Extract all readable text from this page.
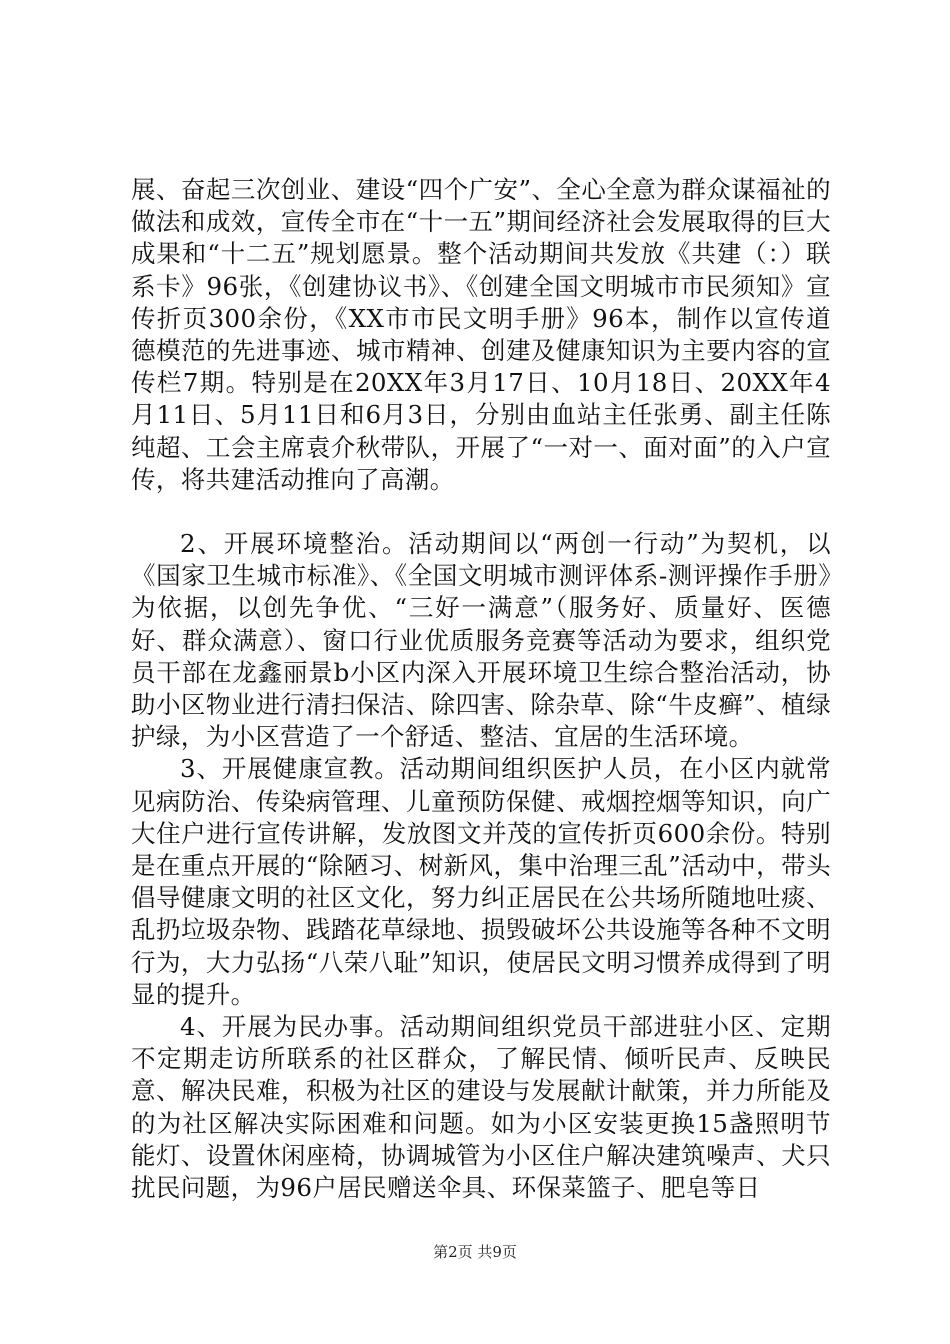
展、奋起三次创业、建设“四个广安”、全心全意为群众谋福祉的做法和成效，宣传全市在“十一五”期间经济社会发展取得的巨大成果和“十二五”规划愿景。整个活动期间共发放《共建（：）联系卡》96张，《创建协议书》、《创建全国文明城市市民须知》宣传折页300余份，《XX市市民文明手册》96本，制作以宣传道德模范的先进事迹、城市精神、创建及健康知识为主要内容的宣传栏7期。特别是在20XX年3月17日、10月18日、20XX年4月11日、5月11日和6月3日，分别由血站主任张勇、副主任陈纯超、工会主席袁介秋带队，开展了“一对一、面对面”的入户宣传，将共建活动推向了高潮。

2、开展环境整治。活动期间以“两创一行动”为契机，以《国家卫生城市标准》、《全国文明城市测评体系-测评操作手册》为依据，以创先争优、“三好一满意”（服务好、质量好、医德好、群众满意）、窗口行业优质服务竞赛等活动为要求，组织党员干部在龙鑫丽景b小区内深入开展环境卫生综合整治活动，协助小区物业进行清扫保洁、除四害、除杂草、除“牛皮癣”、植绿护绿，为小区营造了一个舒适、整洁、宜居的生活环境。

3、开展健康宣教。活动期间组织医护人员，在小区内就常见病防治、传染病管理、儿童预防保健、戒烟控烟等知识，向广大住户进行宣传讲解，发放图文并茂的宣传折页600余份。特别是在重点开展的“除陋习、树新风，集中治理三乱”活动中，带头倡导健康文明的社区文化，努力纠正居民在公共场所随地吐痰、乱扔垃圾杂物、践踏花草绿地、损毁破坏公共设施等各种不文明行为，大力弘扬“八荣八耻”知识，使居民文明习惯养成得到了明显的提升。

4、开展为民办事。活动期间组织党员干部进驻小区、定期不定期走访所联系的社区群众，了解民情、倾听民声、反映民意、解决民难，积极为社区的建设与发展献计献策，并力所能及的为社区解决实际困难和问题。如为小区安装更换15盏照明节能灯、设置休闲座椅，协调城管为小区住户解决建筑噪声、犬只扰民问题，为96户居民赠送伞具、环保菜篮子、肥皂等日

第2页 共9页
